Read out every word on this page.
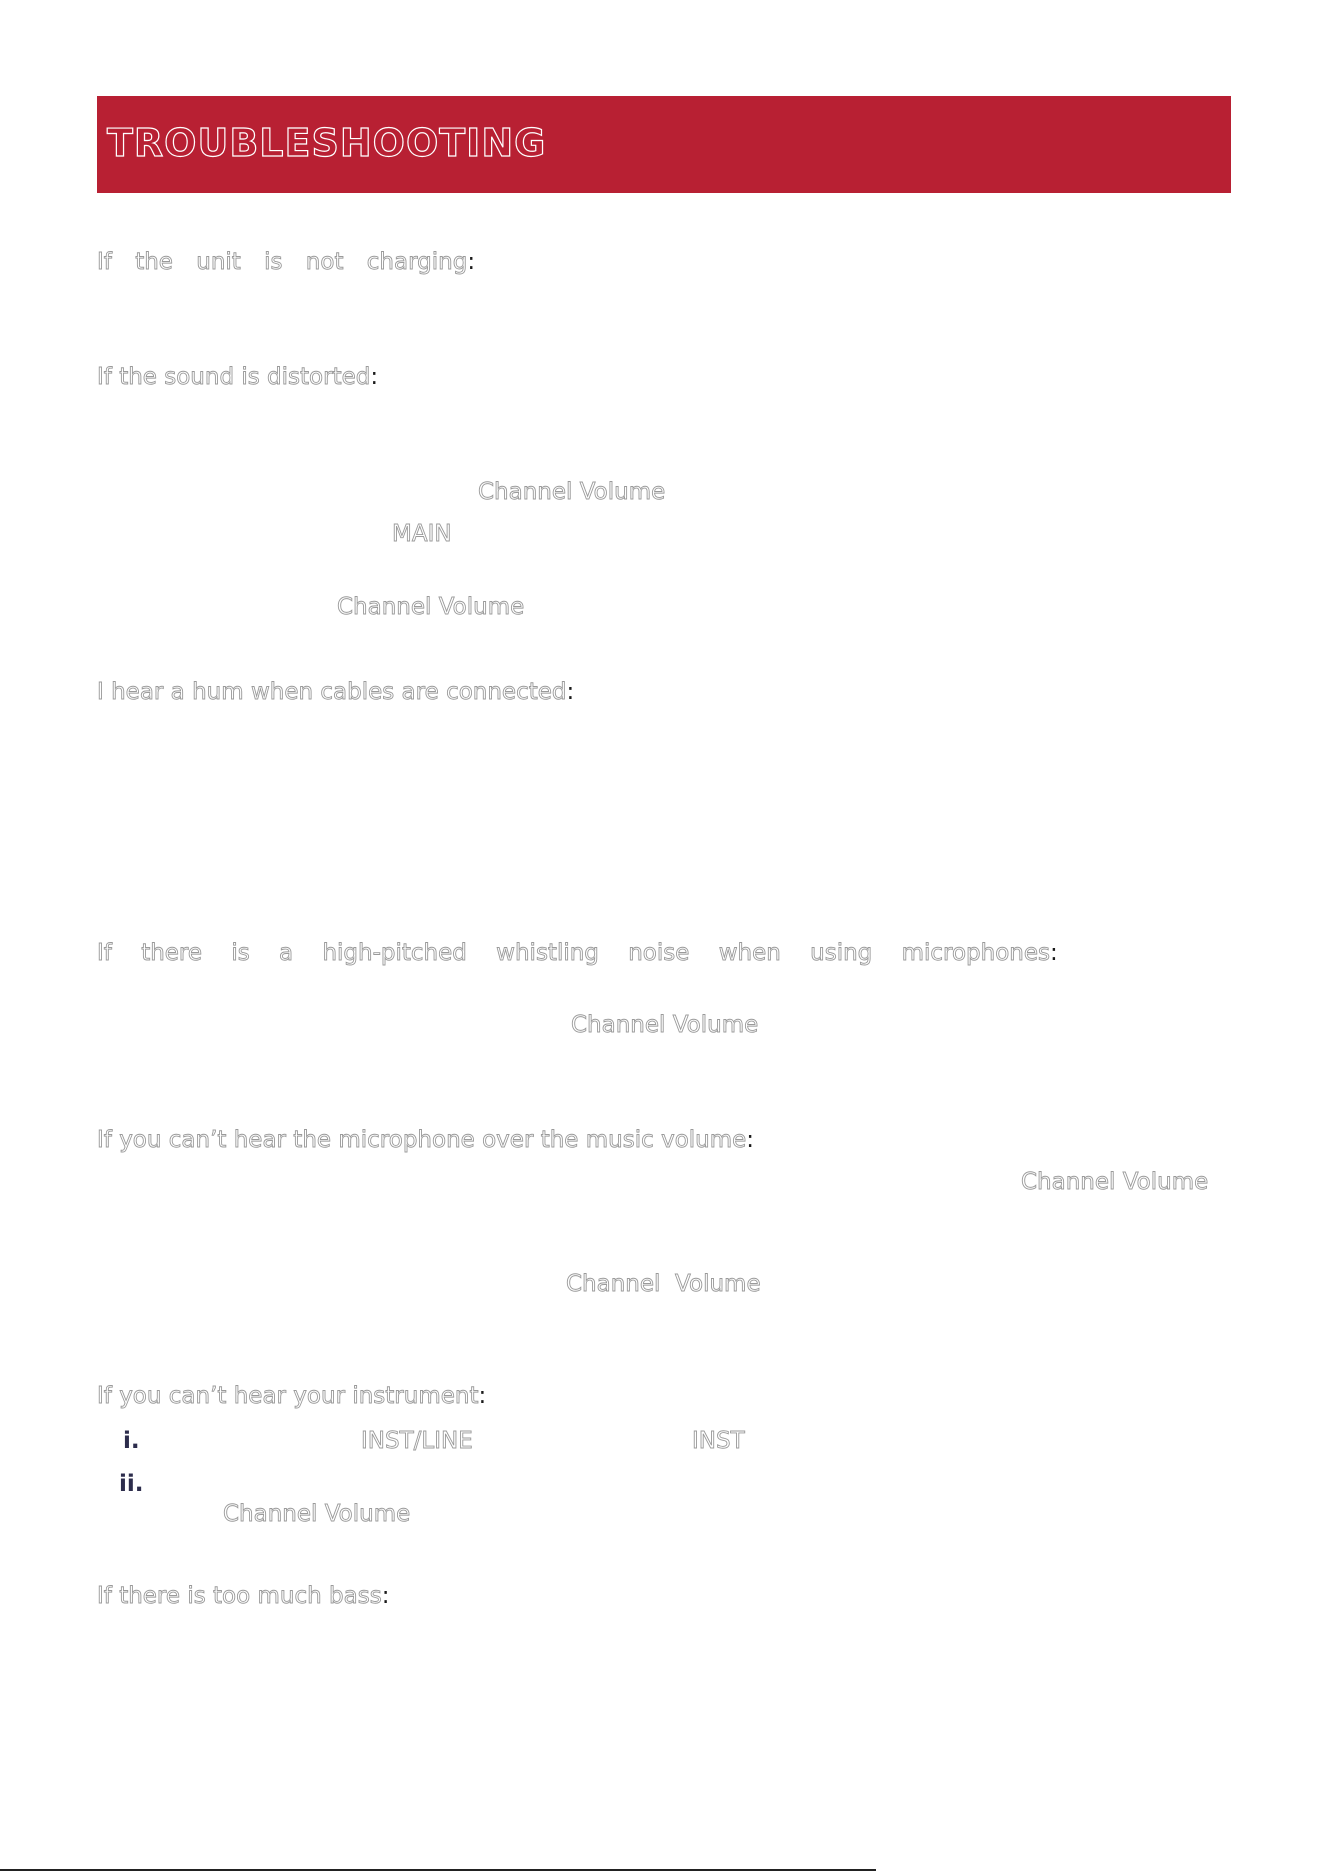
TROUBLESHOOTING
If the unit is not charging:
If the sound is distorted:
Channel Volume
MAIN
Channel Volume
I hear a hum when cables are connected:
If there is a high-pitched whistling noise when using microphones:
Channel Volume
If you can’t hear the microphone over the music volume:
Channel Volume
Channel  Volume
If you can’t hear your instrument:
i.	INST/LINE	INST
ii.
Channel Volume
If there is too much bass:
